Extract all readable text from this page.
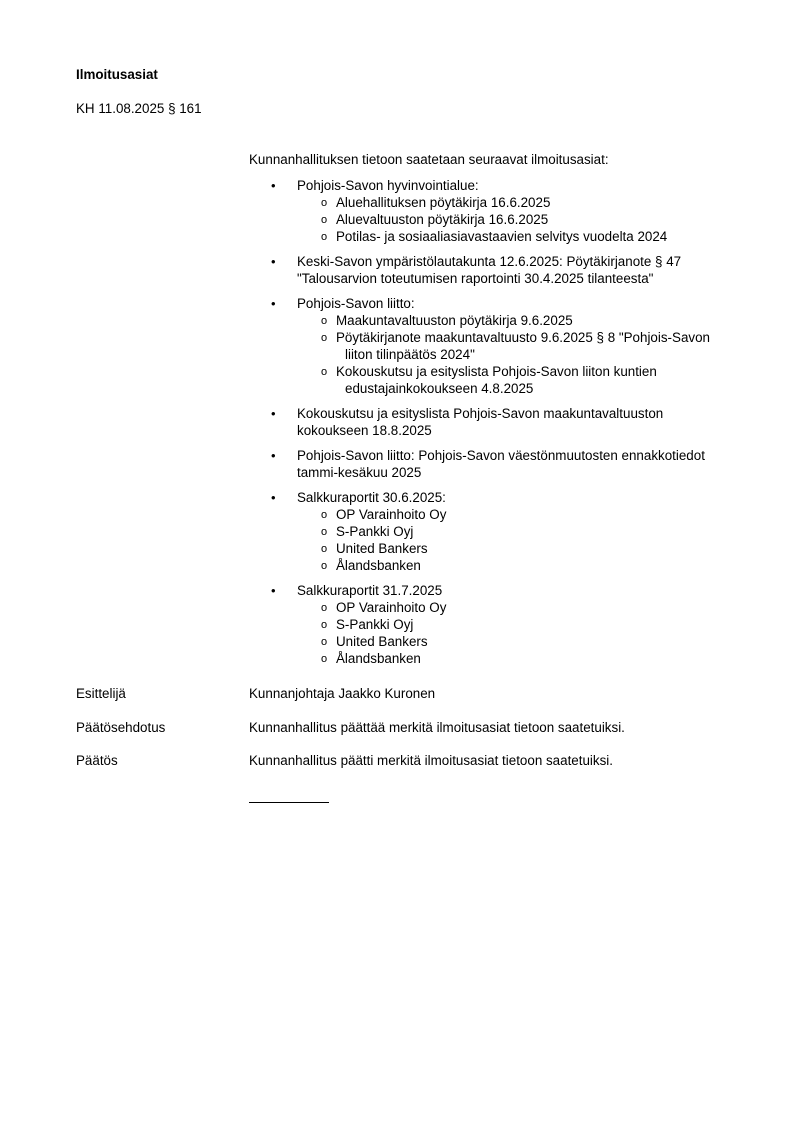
Ilmoitusasiat
KH 11.08.2025 § 161
Kunnanhallituksen tietoon saatetaan seuraavat ilmoitusasiat:
• Pohjois-Savon hyvinvointialue:
o Aluehallituksen pöytäkirja 16.6.2025
o Aluevaltuuston pöytäkirja 16.6.2025
o Potilas- ja sosiaaliasiavastaavien selvitys vuodelta 2024
• Keski-Savon ympäristölautakunta 12.6.2025: Pöytäkirjanote § 47 "Talousarvion toteutumisen raportointi 30.4.2025 tilanteesta"
• Pohjois-Savon liitto:
o Maakuntavaltuuston pöytäkirja 9.6.2025
o Pöytäkirjanote maakuntavaltuusto 9.6.2025 § 8 "Pohjois-Savon liiton tilinpäätös 2024"
o Kokouskutsu ja esityslista Pohjois-Savon liiton kuntien edustajainkokoukseen 4.8.2025
• Kokouskutsu ja esityslista Pohjois-Savon maakuntavaltuuston kokoukseen 18.8.2025
• Pohjois-Savon liitto: Pohjois-Savon väestönmuutosten ennakkotiedot tammi-kesäkuu 2025
• Salkkuraportit 30.6.2025:
o OP Varainhoito Oy
o S-Pankki Oyj
o United Bankers
o Ålandsbanken
• Salkkuraportit 31.7.2025
o OP Varainhoito Oy
o S-Pankki Oyj
o United Bankers
o Ålandsbanken
Esittelijä	Kunnanjohtaja Jaakko Kuronen
Päätösehdotus	Kunnanhallitus päättää merkitä ilmoitusasiat tietoon saatetuiksi.
Päätös	Kunnanhallitus päätti merkitä ilmoitusasiat tietoon saatetuiksi.
